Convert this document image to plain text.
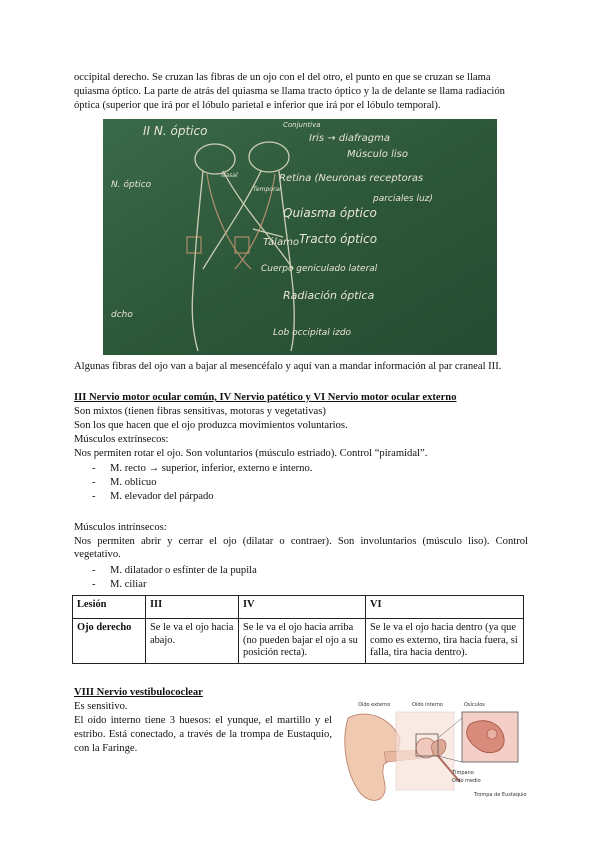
occipital derecho. Se cruzan las fibras de un ojo con el del otro, el punto en que se cruzan se llama

quiasma óptico. La parte de atrás del quiasma se llama tracto óptico y la de delante se llama radiación

óptica (superior que irá por el lóbulo parietal e inferior que irá por el lóbulo temporal).

II N. óptico	Conjuntiva
Iris → diafragma
Músculo liso
N. óptico
Nasal
Temporal
Retina (Neuronas receptoras
parciales luz)
Quiasma óptico
Tracto óptico
Tálamo
Cuerpo geniculado lateral
Radiación óptica
dcho
Lob occipital izdo

Algunas fibras del ojo van a bajar al mesencéfalo y aquí van a mandar información al par craneal III.

III Nervio motor ocular común, IV Nervio patético y VI Nervio motor ocular externo

Son mixtos (tienen fibras sensitivas, motoras y vegetativas)

Son los que hacen que el ojo produzca movimientos voluntarios.

Músculos extrínsecos:

Nos permiten rotar el ojo. Son voluntarios (músculo estriado). Control “piramidal”.

- M. recto → superior, inferior, externo e interno.
- M. oblicuo
- M. elevador del párpado

Músculos intrínsecos:

Nos permiten abrir y cerrar el ojo (dilatar o contraer). Son involuntarios (músculo liso). Control vegetativo.

- M. dilatador o esfínter de la pupila
- M. ciliar
Lesión	III	IV	VI
Ojo derecho	Se le va el ojo hacia abajo.	Se le va el ojo hacia arriba (no pueden bajar el ojo a su posición recta).	Se le va el ojo hacia dentro (ya que como es externo, tira hacia fuera, si falla, tira hacia dentro).

VIII Nervio vestibulococlear

Es sensitivo.

El oído interno tiene 3 huesos: el yunque, el martillo y el estribo. Está conectado, a través de la trompa de Eustaquio, con la Faringe.

Oído externo	Oído interno	Osículos
Tímpano
Oído medio
Trompa de Eustaquio
